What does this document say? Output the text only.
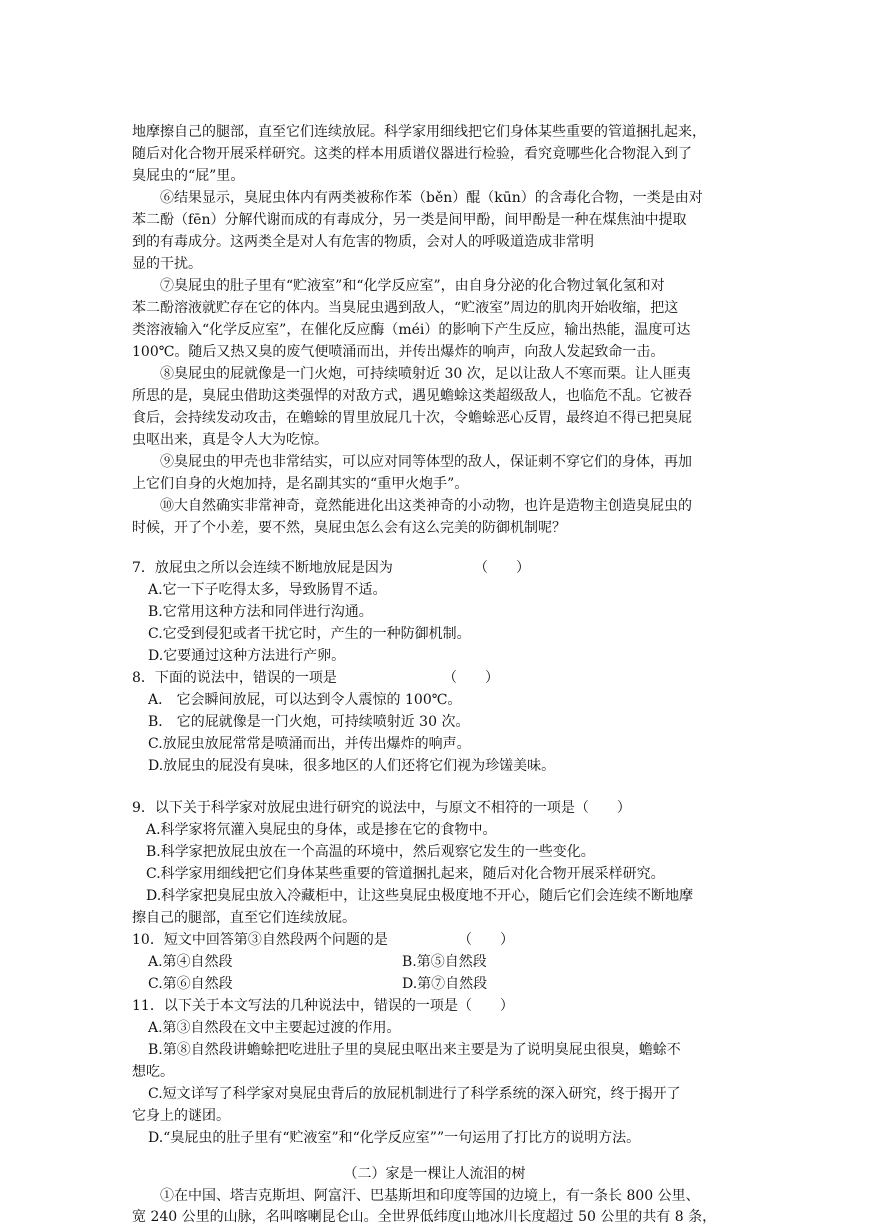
地摩擦自己的腿部，直至它们连续放屁。科学家用细线把它们身体某些重要的管道捆扎起来，
随后对化合物开展采样研究。这类的样本用质谱仪器进行检验，看究竟哪些化合物混入到了
臭屁虫的“屁”里。
⑥结果显示，臭屁虫体内有两类被称作苯（běn）醌（kūn）的含毒化合物，一类是由对
苯二酚（fēn）分解代谢而成的有毒成分，另一类是间甲酚，间甲酚是一种在煤焦油中提取
到的有毒成分。这两类全是对人有危害的物质，会对人的呼吸道造成非常明
显的干扰。
⑦臭屁虫的肚子里有“贮液室”和“化学反应室”，由自身分泌的化合物过氧化氢和对
苯二酚溶液就贮存在它的体内。当臭屁虫遇到敌人，“贮液室”周边的肌肉开始收缩，把这
类溶液输入“化学反应室”，在催化反应酶（méi）的影响下产生反应，输出热能，温度可达
100℃。随后又热又臭的废气便喷涌而出，并传出爆炸的响声，向敌人发起致命一击。
⑧臭屁虫的屁就像是一门火炮，可持续喷射近 30 次，足以让敌人不寒而栗。让人匪夷
所思的是，臭屁虫借助这类强悍的对敌方式，遇见蟾蜍这类超级敌人，也临危不乱。它被吞
食后，会持续发动攻击，在蟾蜍的胃里放屁几十次，令蟾蜍恶心反胃，最终迫不得已把臭屁
虫呕出来，真是令人大为吃惊。
⑨臭屁虫的甲壳也非常结实，可以应对同等体型的敌人，保证刺不穿它们的身体，再加
上它们自身的火炮加持，是名副其实的“重甲火炮手”。
⑩大自然确实非常神奇，竟然能进化出这类神奇的小动物，也许是造物主创造臭屁虫的
时候，开了个小差，要不然，臭屁虫怎么会有这么完美的防御机制呢？
7．放屁虫之所以会连续不断地放屁是因为	（　　）
A.它一下子吃得太多，导致肠胃不适。
B.它常用这种方法和同伴进行沟通。
C.它受到侵犯或者干扰它时，产生的一种防御机制。
D.它要通过这种方法进行产卵。
8．下面的说法中，错误的一项是	（　　）
A． 它会瞬间放屁，可以达到令人震惊的 100℃。
B． 它的屁就像是一门火炮，可持续喷射近 30 次。
C.放屁虫放屁常常是喷涌而出，并传出爆炸的响声。
D.放屁虫的屁没有臭味，很多地区的人们还将它们视为珍馐美味。
9．以下关于科学家对放屁虫进行研究的说法中，与原文不相符的一项是（　　）
A.科学家将氘灌入臭屁虫的身体，或是掺在它的食物中。
B.科学家把放屁虫放在一个高温的环境中，然后观察它发生的一些变化。
C.科学家用细线把它们身体某些重要的管道捆扎起来，随后对化合物开展采样研究。
D.科学家把臭屁虫放入冷藏柜中，让这些臭屁虫极度地不开心，随后它们会连续不断地摩
擦自己的腿部，直至它们连续放屁。
10．短文中回答第③自然段两个问题的是	（　　）
A.第④自然段	B.第⑤自然段
C.第⑥自然段	D.第⑦自然段
11．以下关于本文写法的几种说法中，错误的一项是（　　）
A.第③自然段在文中主要起过渡的作用。
B.第⑧自然段讲蟾蜍把吃进肚子里的臭屁虫呕出来主要是为了说明臭屁虫很臭，蟾蜍不
想吃。
C.短文详写了科学家对臭屁虫背后的放屁机制进行了科学系统的深入研究，终于揭开了
它身上的谜团。
D.“臭屁虫的肚子里有“贮液室”和“化学反应室””一句运用了打比方的说明方法。
（二）家是一棵让人流泪的树
①在中国、塔吉克斯坦、阿富汗、巴基斯坦和印度等国的边境上，有一条长 800 公里、
宽 240 公里的山脉，名叫喀喇昆仑山。全世界低纬度山地冰川长度超过 50 公里的共有 8 条，
